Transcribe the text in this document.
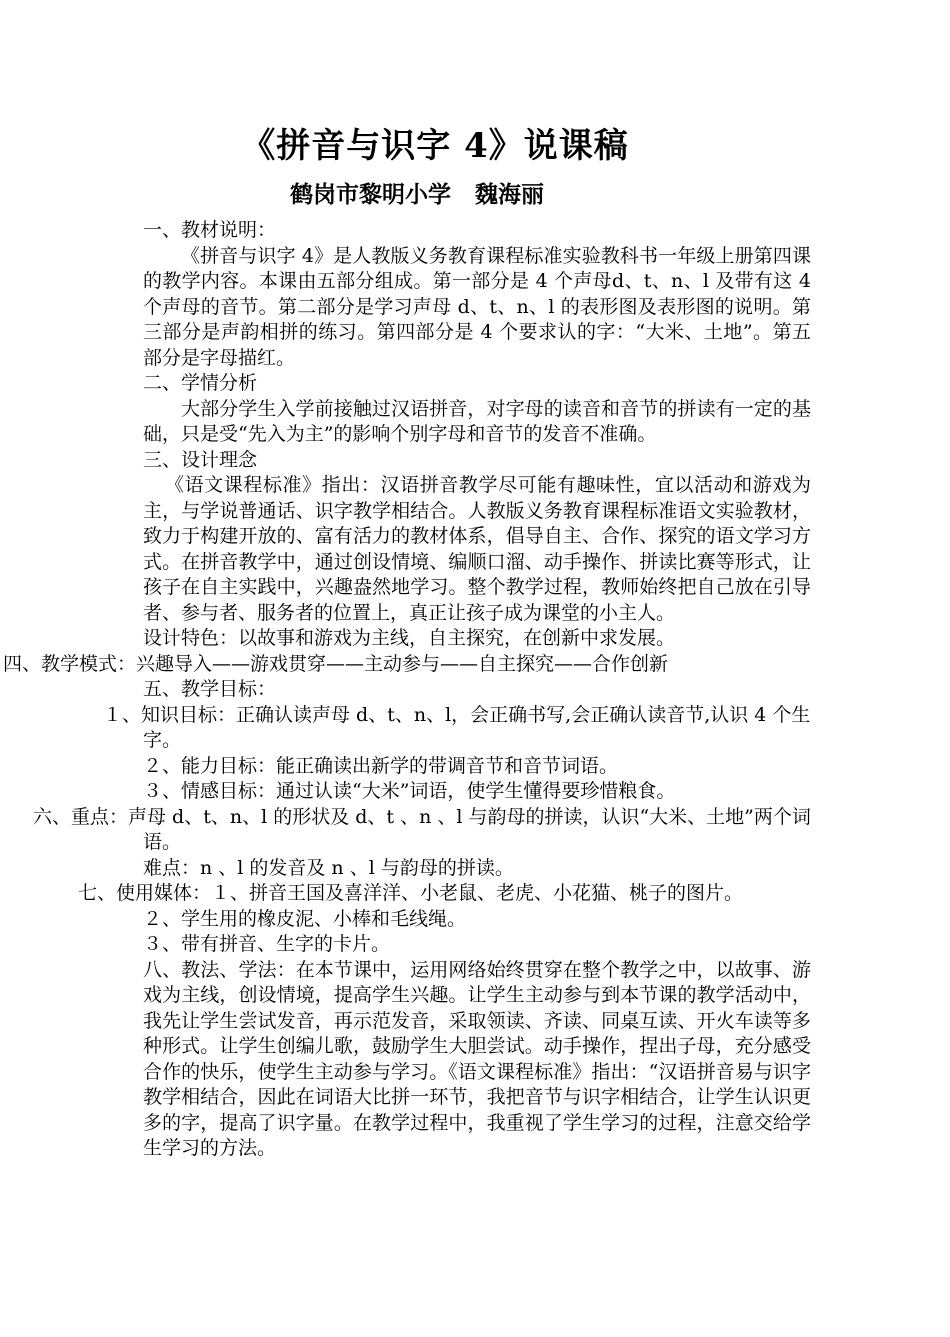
《拼音与识字 4》说课稿
鹤岗市黎明小学   魏海丽

一、教材说明：

《拼音与识字 4》是人教版义务教育课程标准实验教科书一年级上册第四课的教学内容。本课由五部分组成。第一部分是 4 个声母d、t、n、l 及带有这 4 个声母的音节。第二部分是学习声母 d、t、n、l 的表形图及表形图的说明。第三部分是声韵相拼的练习。第四部分是 4 个要求认的字：“大米、土地”。第五部分是字母描红。

二、学情分析

大部分学生入学前接触过汉语拼音，对字母的读音和音节的拼读有一定的基础，只是受“先入为主”的影响个别字母和音节的发音不准确。

三、设计理念

《语文课程标准》指出：汉语拼音教学尽可能有趣味性，宜以活动和游戏为主，与学说普通话、识字教学相结合。人教版义务教育课程标准语文实验教材，致力于构建开放的、富有活力的教材体系，倡导自主、合作、探究的语文学习方式。在拼音教学中，通过创设情境、编顺口溜、动手操作、拼读比赛等形式，让孩子在自主实践中，兴趣盎然地学习。整个教学过程，教师始终把自己放在引导者、参与者、服务者的位置上，真正让孩子成为课堂的小主人。

设计特色：以故事和游戏为主线，自主探究，在创新中求发展。

四、教学模式：兴趣导入——游戏贯穿——主动参与——自主探究——合作创新

五、教学目标：

１、知识目标：正确认读声母 d、t、n、l，会正确书写,会正确认读音节,认识 4 个生字。

２、能力目标：能正确读出新学的带调音节和音节词语。

３、情感目标：通过认读“大米”词语，使学生懂得要珍惜粮食。

六、重点：声母 d、t、n、l 的形状及 d、t 、n 、l 与韵母的拼读，认识“大米、土地”两个词语。

难点：n 、l 的发音及 n 、l 与韵母的拼读。

七、使用媒体：１、拼音王国及喜洋洋、小老鼠、老虎、小花猫、桃子的图片。

２、学生用的橡皮泥、小棒和毛线绳。

３、带有拼音、生字的卡片。

八、教法、学法：在本节课中，运用网络始终贯穿在整个教学之中，以故事、游戏为主线，创设情境，提高学生兴趣。让学生主动参与到本节课的教学活动中，我先让学生尝试发音，再示范发音，采取领读、齐读、同桌互读、开火车读等多种形式。让学生创编儿歌，鼓励学生大胆尝试。动手操作，捏出子母，充分感受合作的快乐，使学生主动参与学习。《语文课程标准》指出：“汉语拼音易与识字教学相结合，因此在词语大比拼一环节，我把音节与识字相结合，让学生认识更多的字，提高了识字量。在教学过程中，我重视了学生学习的过程，注意交给学生学习的方法。
